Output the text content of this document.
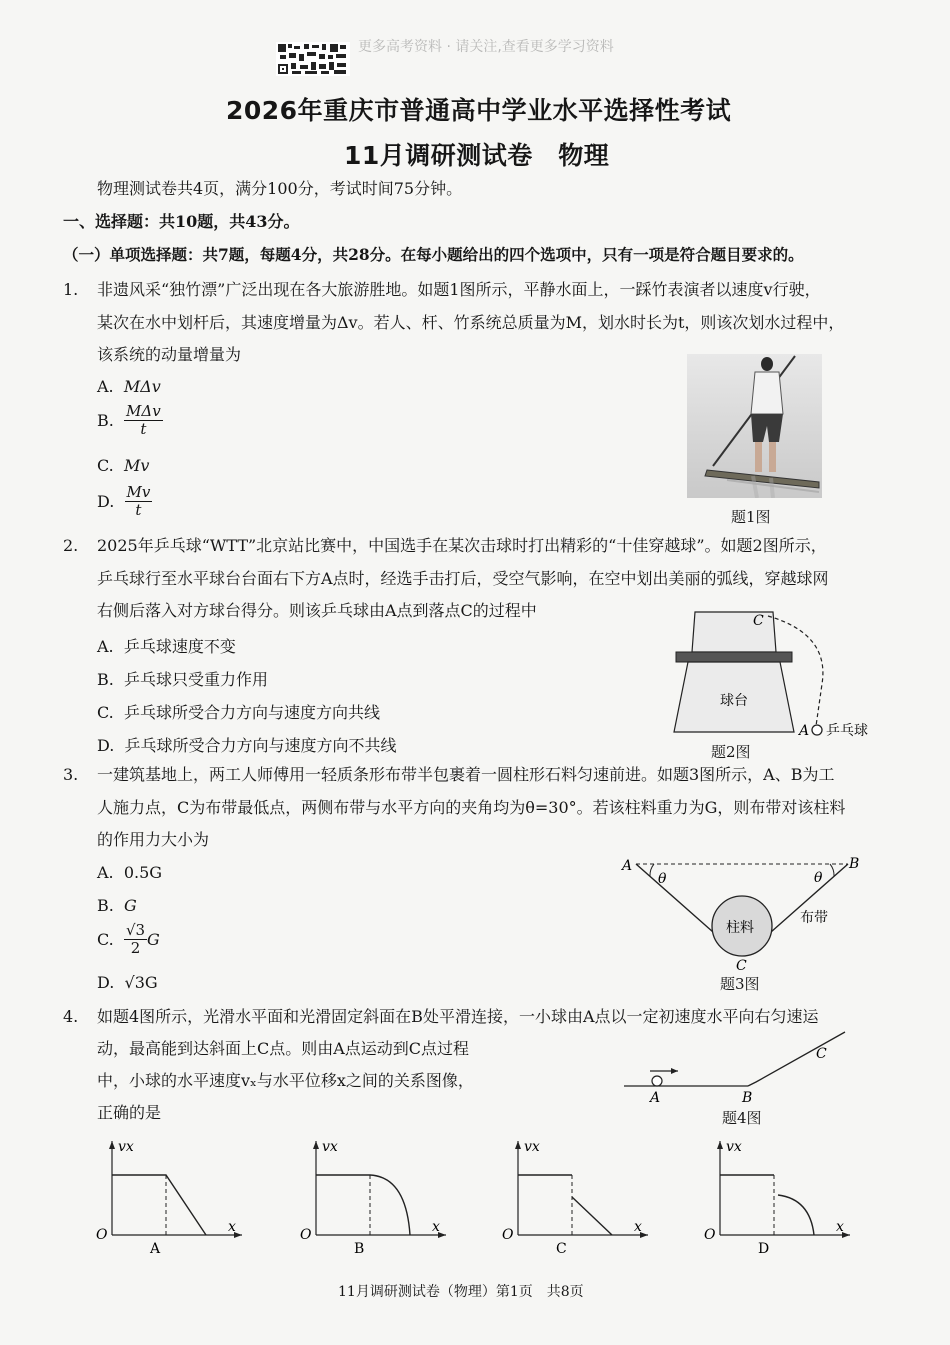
更多高考资料 · 请关注,查看更多学习资料
2026年重庆市普通高中学业水平选择性考试
11月调研测试卷　物理
物理测试卷共4页，满分100分，考试时间75分钟。
一、选择题：共10题，共43分。
（一）单项选择题：共7题，每题4分，共28分。在每小题给出的四个选项中，只有一项是符合题目要求的。
1. 非遗风采“独竹漂”广泛出现在各大旅游胜地。如题1图所示，平静水面上，一踩竹表演者以速度v行驶，
某次在水中划杆后，其速度增量为Δv。若人、杆、竹系统总质量为M，划水时长为t，则该次划水过程中，
该系统的动量增量为
A. MΔv
B. $\frac{\text{MΔv}}{t}$
C. Mv
D. $\frac{Mv}{t}$	题1图
2. 2025年乒乓球“WTT”北京站比赛中，中国选手在某次击球时打出精彩的“十佳穿越球”。如题2图所示，
乒乓球行至水平球台台面右下方A点时，经选手击打后，受空气影响，在空中划出美丽的弧线，穿越球网
右侧后落入对方球台得分。则该乒乓球由A点到落点C的过程中
A. 乒乓球速度不变
B. 乒乓球只受重力作用
C. 乒乓球所受合力方向与速度方向共线
D. 乒乓球所受合力方向与速度方向不共线
C
球台
A 乒乓球
题2图
3. 一建筑基地上，两工人师傅用一轻质条形布带半包裹着一圆柱形石料匀速前进。如题3图所示，A、B为工
人施力点，C为布带最低点，两侧布带与水平方向的夹角均为θ=30°。若该柱料重力为G，则布带对该柱料
的作用力大小为
A. 0.5G
B. G
C. $\frac{√3}{2}$ G
D. √3G
A	B
θ	θ
柱料
布带
C
题3图
4. 如题4图所示，光滑水平面和光滑固定斜面在B处平滑连接，一小球由A点以一定初速度水平向右匀速运
动，最高能到达斜面上C点。则由A点运动到C点过程
中，小球的水平速度vₓ与水平位移x之间的关系图像，
正确的是
A	B
C
题4图
vx
x
O
A
vx
x
O
B
vx
x
O
C
vx
x
O
D
11月调研测试卷（物理）第1页　共8页
